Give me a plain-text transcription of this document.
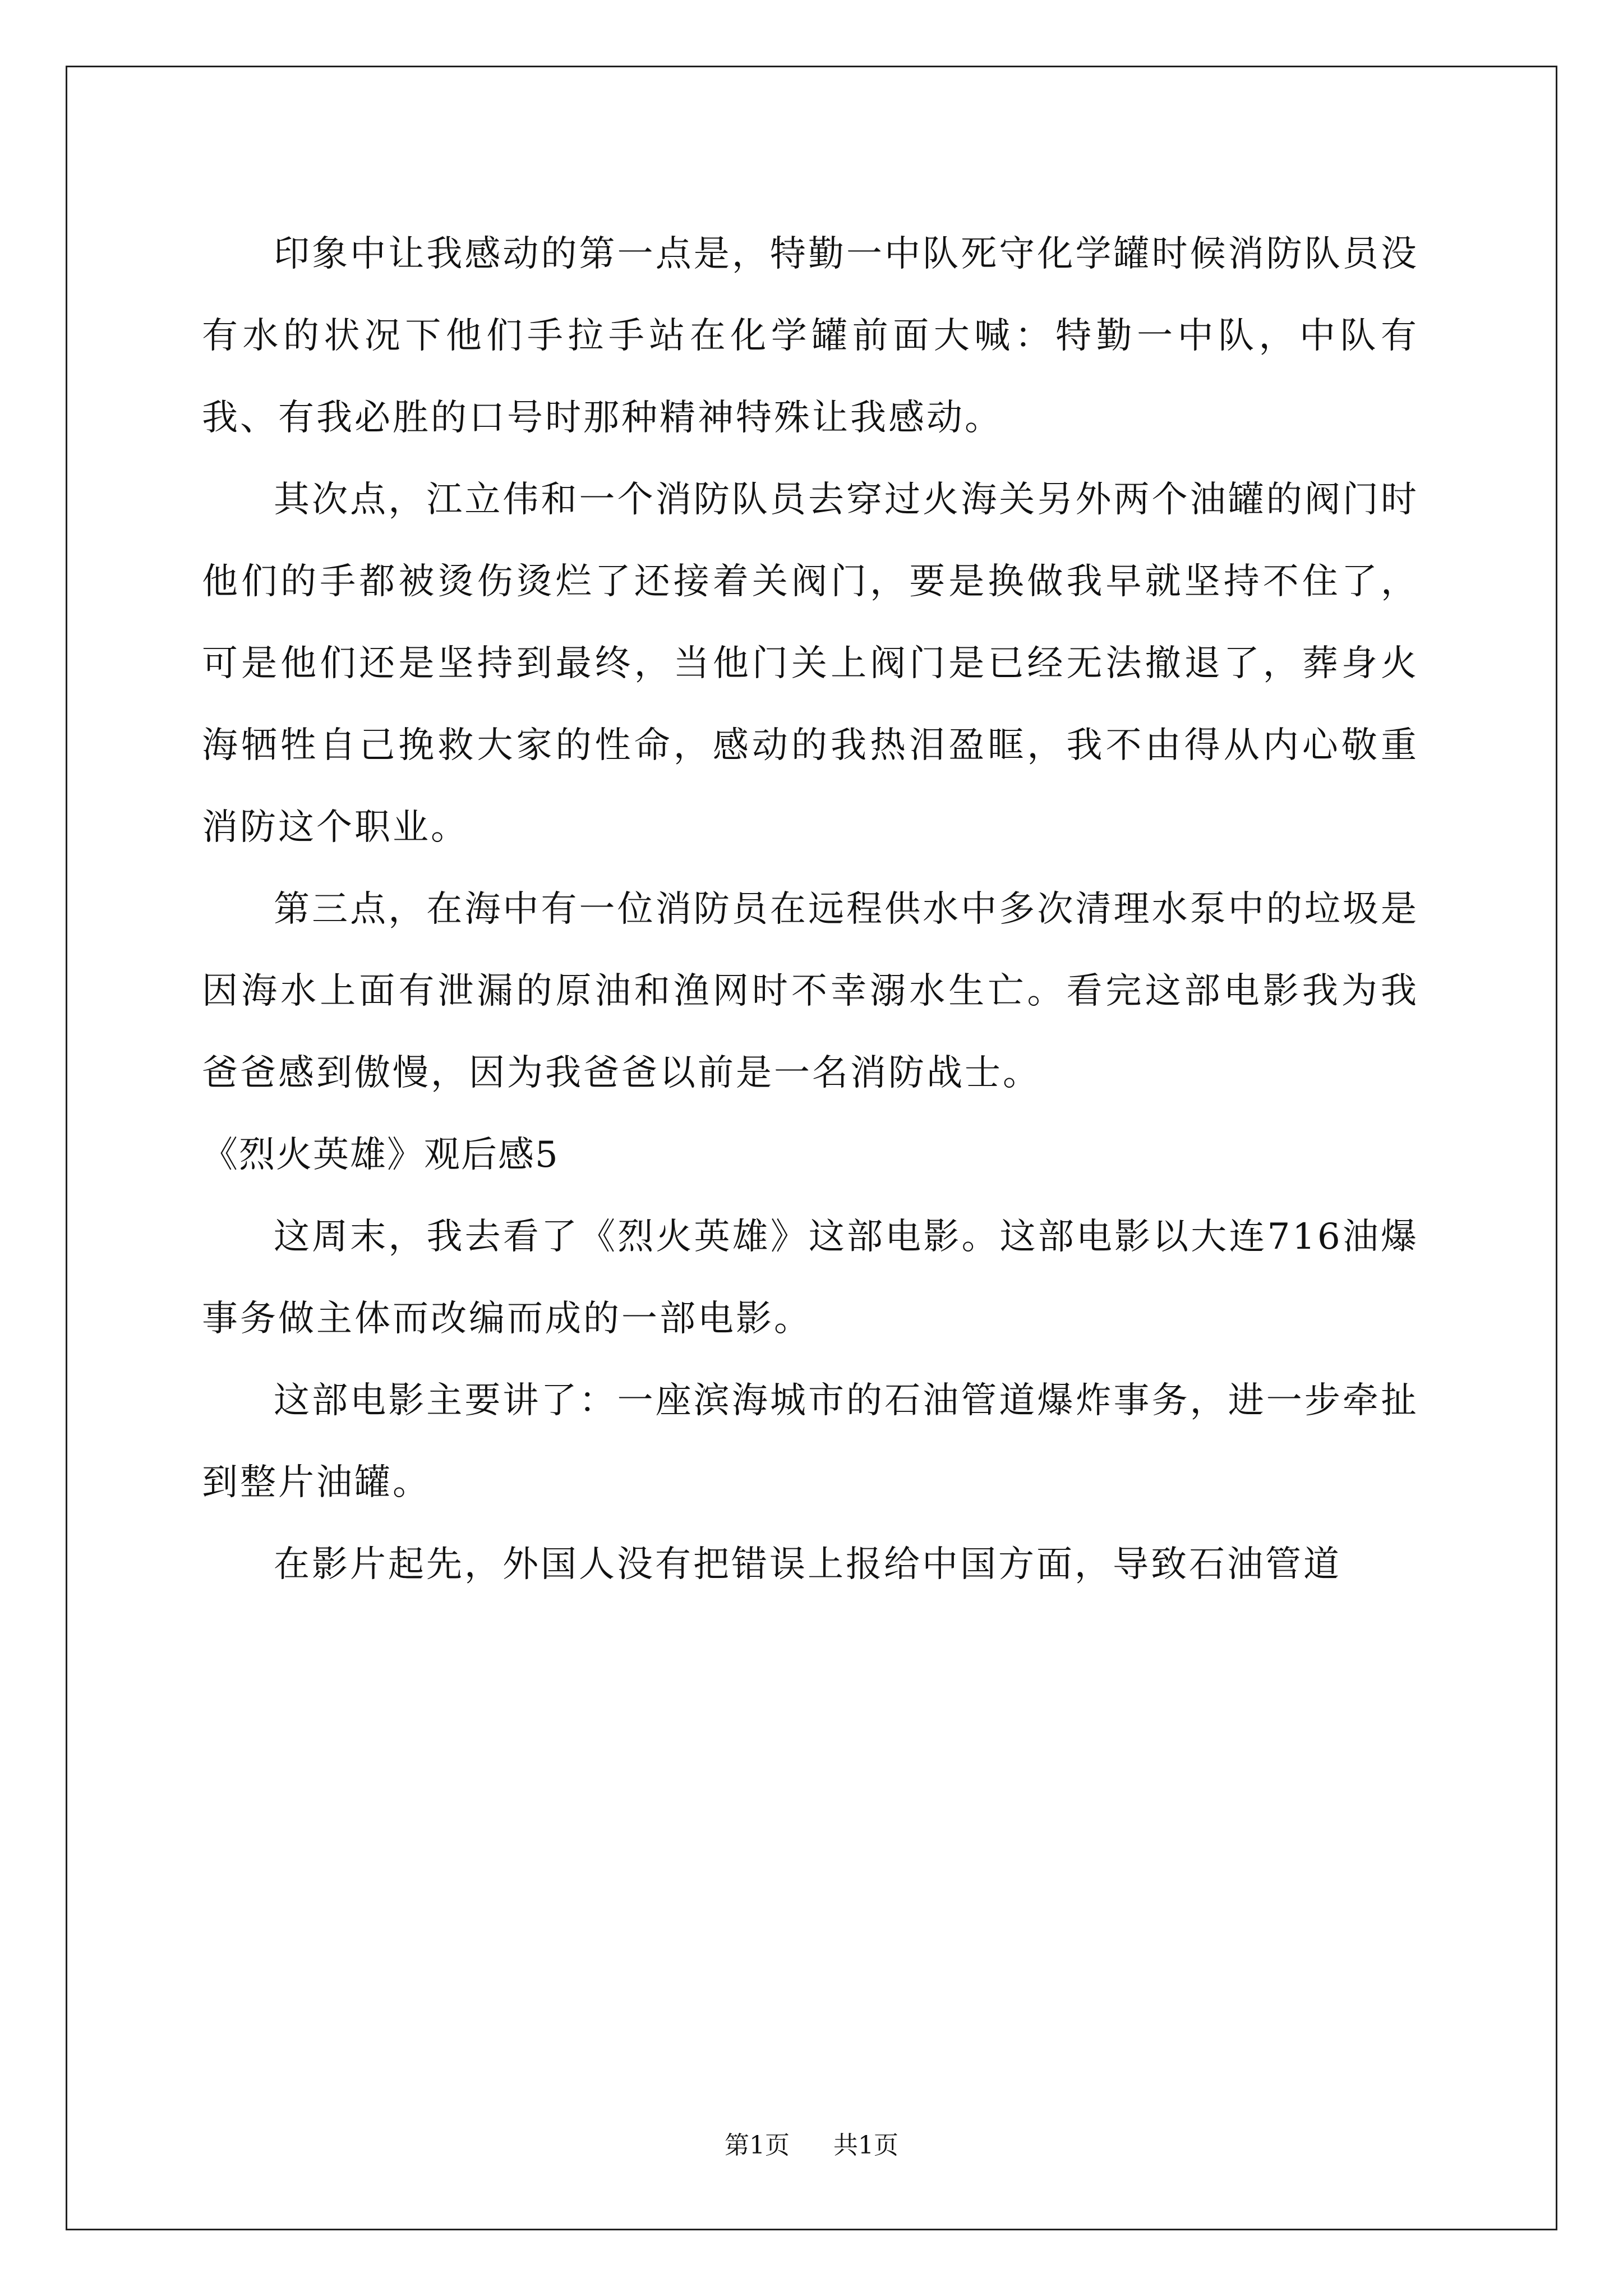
印象中让我感动的第一点是，特勤一中队死守化学罐时候消防队员没有水的状况下他们手拉手站在化学罐前面大喊：特勤一中队，中队有我、有我必胜的口号时那种精神特殊让我感动。

其次点，江立伟和一个消防队员去穿过火海关另外两个油罐的阀门时他们的手都被烫伤烫烂了还接着关阀门，要是换做我早就坚持不住了，可是他们还是坚持到最终，当他门关上阀门是已经无法撤退了，葬身火海牺牲自己挽救大家的性命，感动的我热泪盈眶，我不由得从内心敬重消防这个职业。

第三点，在海中有一位消防员在远程供水中多次清理水泵中的垃圾是因海水上面有泄漏的原油和渔网时不幸溺水生亡。看完这部电影我为我爸爸感到傲慢，因为我爸爸以前是一名消防战士。

《烈火英雄》观后感5

这周末，我去看了《烈火英雄》这部电影。这部电影以大连716油爆事务做主体而改编而成的一部电影。

这部电影主要讲了：一座滨海城市的石油管道爆炸事务，进一步牵扯到整片油罐。

在影片起先，外国人没有把错误上报给中国方面，导致石油管道

第1页 共1页
